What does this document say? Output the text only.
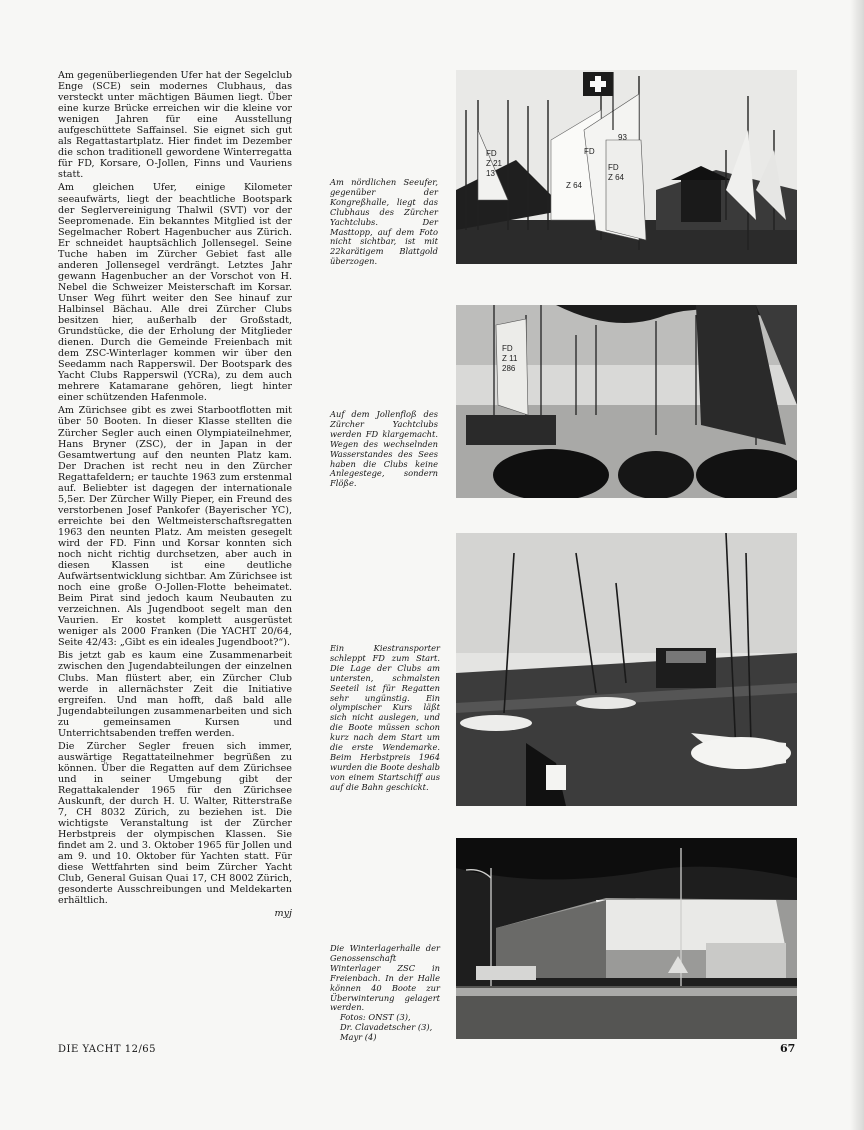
Am gegenüberliegenden Ufer hat der Segelclub Enge (SCE) sein modernes Clubhaus, das versteckt unter mächtigen Bäumen liegt. Über eine kurze Brücke erreichen wir die kleine vor wenigen Jahren für eine Ausstellung aufgeschüttete Saffainsel. Sie eignet sich gut als Regattastartplatz. Hier findet im Dezember die schon traditionell gewordene Winterregatta für FD, Korsare, O-Jollen, Finns und Vauriens statt.

Am gleichen Ufer, einige Kilometer seeaufwärts, liegt der beachtliche Bootspark der Seglervereinigung Thalwil (SVT) vor der Seepromenade. Ein bekanntes Mitglied ist der Segelmacher Robert Hagenbucher aus Zürich. Er schneidet hauptsächlich Jollensegel. Seine Tuche haben im Zürcher Gebiet fast alle anderen Jollensegel verdrängt. Letztes Jahr gewann Hagenbucher an der Vorschot von H. Nebel die Schweizer Meisterschaft im Korsar. Unser Weg führt weiter den See hinauf zur Halbinsel Bächau. Alle drei Zürcher Clubs besitzen hier, außerhalb der Großstadt, Grundstücke, die der Erholung der Mitglieder dienen. Durch die Gemeinde Freienbach mit dem ZSC-Winterlager kommen wir über den Seedamm nach Rapperswil. Der Bootspark des Yacht Clubs Rapperswil (YCRa), zu dem auch mehrere Katamarane gehören, liegt hinter einer schützenden Hafenmole.

Am Zürichsee gibt es zwei Starbootflotten mit über 50 Booten. In dieser Klasse stellten die Zürcher Segler auch einen Olympiateilnehmer, Hans Bryner (ZSC), der in Japan in der Gesamtwertung auf den neunten Platz kam. Der Drachen ist recht neu in den Zürcher Regattafeldern; er tauchte 1963 zum erstenmal auf. Beliebter ist dagegen der internationale 5,5er. Der Zürcher Willy Pieper, ein Freund des verstorbenen Josef Pankofer (Bayerischer YC), erreichte bei den Weltmeisterschaftsregatten 1963 den neunten Platz. Am meisten gesegelt wird der FD. Finn und Korsar konnten sich noch nicht richtig durchsetzen, aber auch in diesen Klassen ist eine deutliche Aufwärtsentwicklung sichtbar. Am Zürichsee ist noch eine große O-Jollen-Flotte beheimatet. Beim Pirat sind jedoch kaum Neubauten zu verzeichnen. Als Jugendboot segelt man den Vaurien. Er kostet komplett ausgerüstet weniger als 2000 Franken (Die YACHT 20/64, Seite 42/43: „Gibt es ein ideales Jugendboot?“).

Bis jetzt gab es kaum eine Zusammenarbeit zwischen den Jugendabteilungen der einzelnen Clubs. Man flüstert aber, ein Zürcher Club werde in allernächster Zeit die Initiative ergreifen. Und man hofft, daß bald alle Jugendabteilungen zusammenarbeiten und sich zu gemeinsamen Kursen und Unterrichtsabenden treffen werden.

Die Zürcher Segler freuen sich immer, auswärtige Regattateilnehmer begrüßen zu können. Über die Regatten auf dem Zürichsee und in seiner Umgebung gibt der Regattakalender 1965 für den Zürichsee Auskunft, der durch H. U. Walter, Ritterstraße 7, CH 8032 Zürich, zu beziehen ist. Die wichtigste Veranstaltung ist der Zürcher Herbstpreis der olympischen Klassen. Sie findet am 2. und 3. Oktober 1965 für Jollen und am 9. und 10. Oktober für Yachten statt. Für diese Wettfahrten sind beim Zürcher Yacht Club, General Guisan Quai 17, CH 8002 Zürich, gesonderte Ausschreibungen und Meldekarten erhältlich.

myj

Am nördlichen Seeufer, gegenüber der Kongreßhalle, liegt das Clubhaus des Zürcher Yachtclubs. Der Masttopp, auf dem Foto nicht sichtbar, ist mit 22karätigem Blattgold überzogen.
Auf dem Jollenfloß des Zürcher Yachtclubs werden FD klargemacht. Wegen des wechselnden Wasserstandes des Sees haben die Clubs keine Anlegestege, sondern Flöße.
Ein Kiestransporter schleppt FD zum Start. Die Lage der Clubs am untersten, schmalsten Seeteil ist für Regatten sehr ungünstig. Ein olympischer Kurs läßt sich nicht auslegen, und die Boote müssen schon kurz nach dem Start um die erste Wendemarke. Beim Herbstpreis 1964 wurden die Boote deshalb von einem Startschiff aus auf die Bahn geschickt.
Die Winterlagerhalle der Genossenschaft Winterlager ZSC in Freienbach. In der Halle können 40 Boote zur Überwinterung gelagert werden.

Fotos: ONST (3),
Dr. Clavadetscher (3),
Mayr (4)
FD
Z 21
13
93
FD
Z 64
FD
Z 64
FD
Z 11
286
DIE YACHT 12/65	67
